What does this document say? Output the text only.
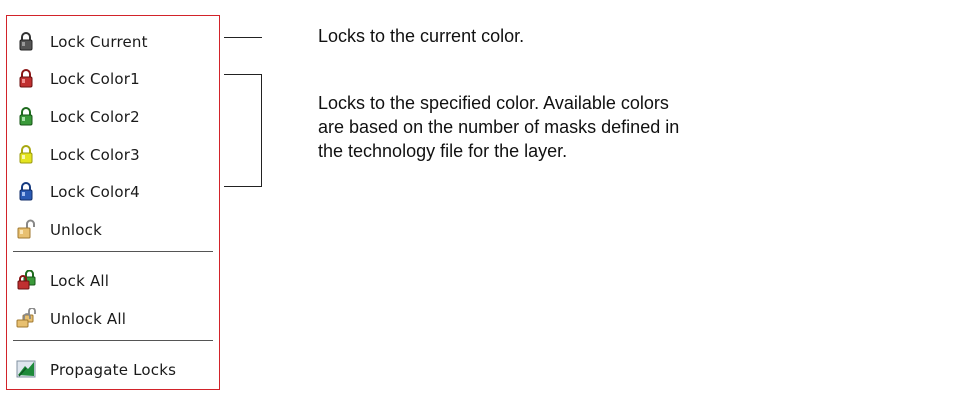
Lock Current
Lock Color1
Lock Color2
Lock Color3
Lock Color4
Unlock
Lock All
Unlock All
Propagate Locks
Locks to the current color.
Locks to the specified color. Available colors
are based on the number of masks defined in
the technology file for the layer.
